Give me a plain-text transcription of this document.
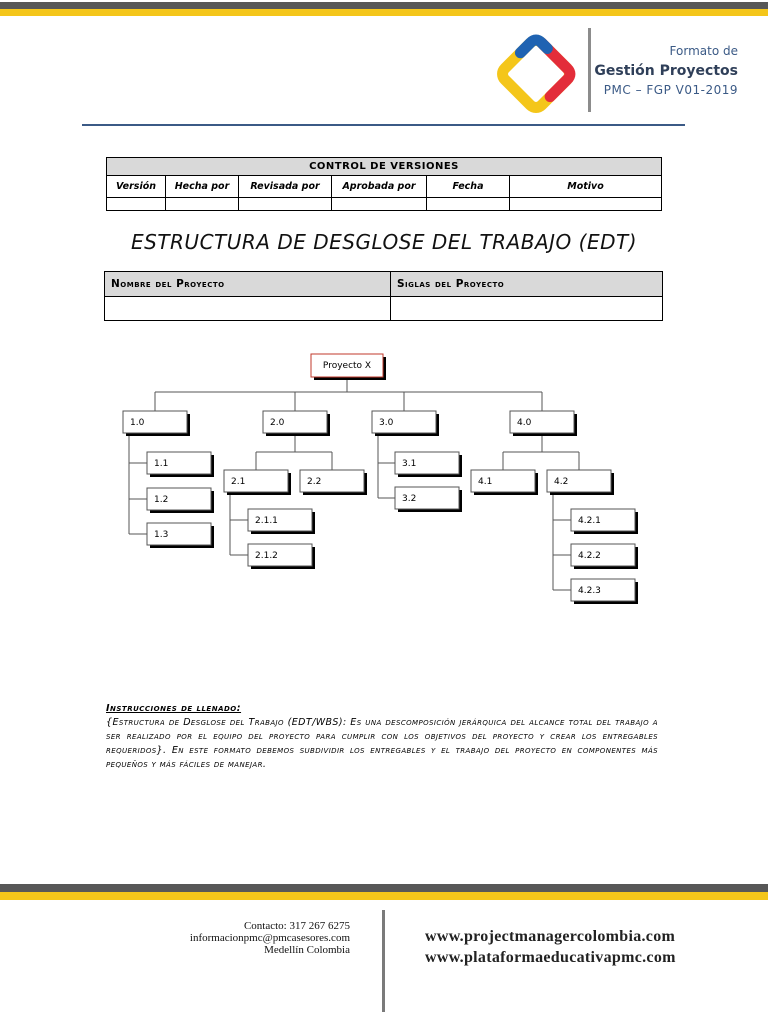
Formato de
Gestión Proyectos
PMC – FGP V01-2019
CONTROL DE VERSIONES					
Versión	Hecha por	Revisada por	Aprobada por	Fecha	Motivo

ESTRUCTURA DE DESGLOSE DEL TRABAJO (EDT)
Nombre del Proyecto	Siglas del Proyecto

Proyecto X
1.0
1.1
1.2
1.3
2.0
2.1	2.2
2.1.1
2.1.2
3.0
3.1
3.2
4.0
4.1	4.2
4.2.1
4.2.2
4.2.3
Instrucciones de llenado:
{Estructura de Desglose del Trabajo (EDT/WBS): Es una descomposición jerárquica del alcance total del trabajo a ser realizado por el equipo del proyecto para cumplir con los objetivos del proyecto y crear los entregables requeridos}. En este formato debemos subdividir los entregables y el trabajo del proyecto en componentes más pequeños y más fáciles de manejar.
Contacto: 317 267 6275
informacionpmc@pmcasesores.com
Medellín Colombia
www.projectmanagercolombia.com
www.plataformaeducativapmc.com
